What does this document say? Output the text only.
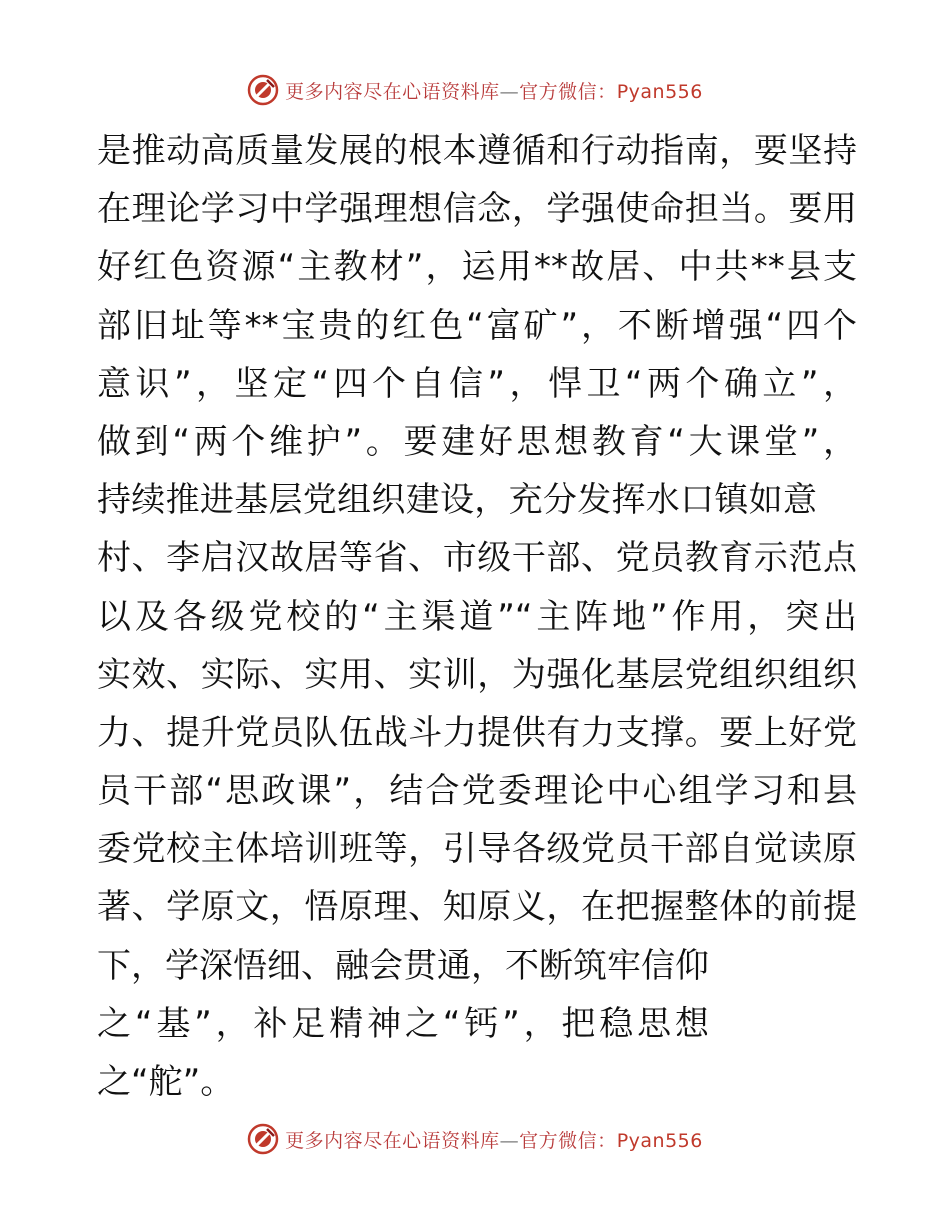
更多内容尽在心语资料库—官方微信：Pyan556
是推动高质量发展的根本遵循和行动指南，要坚持
在理论学习中学强理想信念，学强使命担当。要用
好红色资源“主教材”，运用**故居、中共**县支
部旧址等**宝贵的红色“富矿”，不断增强“四个
意识”，坚定“四个自信”，悍卫“两个确立”，
做到“两个维护”。要建好思想教育“大课堂”，
持续推进基层党组织建设，充分发挥水口镇如意
村、李启汉故居等省、市级干部、党员教育示范点
以及各级党校的“主渠道”“主阵地”作用，突出
实效、实际、实用、实训，为强化基层党组织组织
力、提升党员队伍战斗力提供有力支撑。要上好党
员干部“思政课”，结合党委理论中心组学习和县
委党校主体培训班等，引导各级党员干部自觉读原
著、学原文，悟原理、知原义，在把握整体的前提
下，学深悟细、融会贯通，不断筑牢信仰
之“基”，补足精神之“钙”，把稳思想
之“舵”。
更多内容尽在心语资料库—官方微信：Pyan556
